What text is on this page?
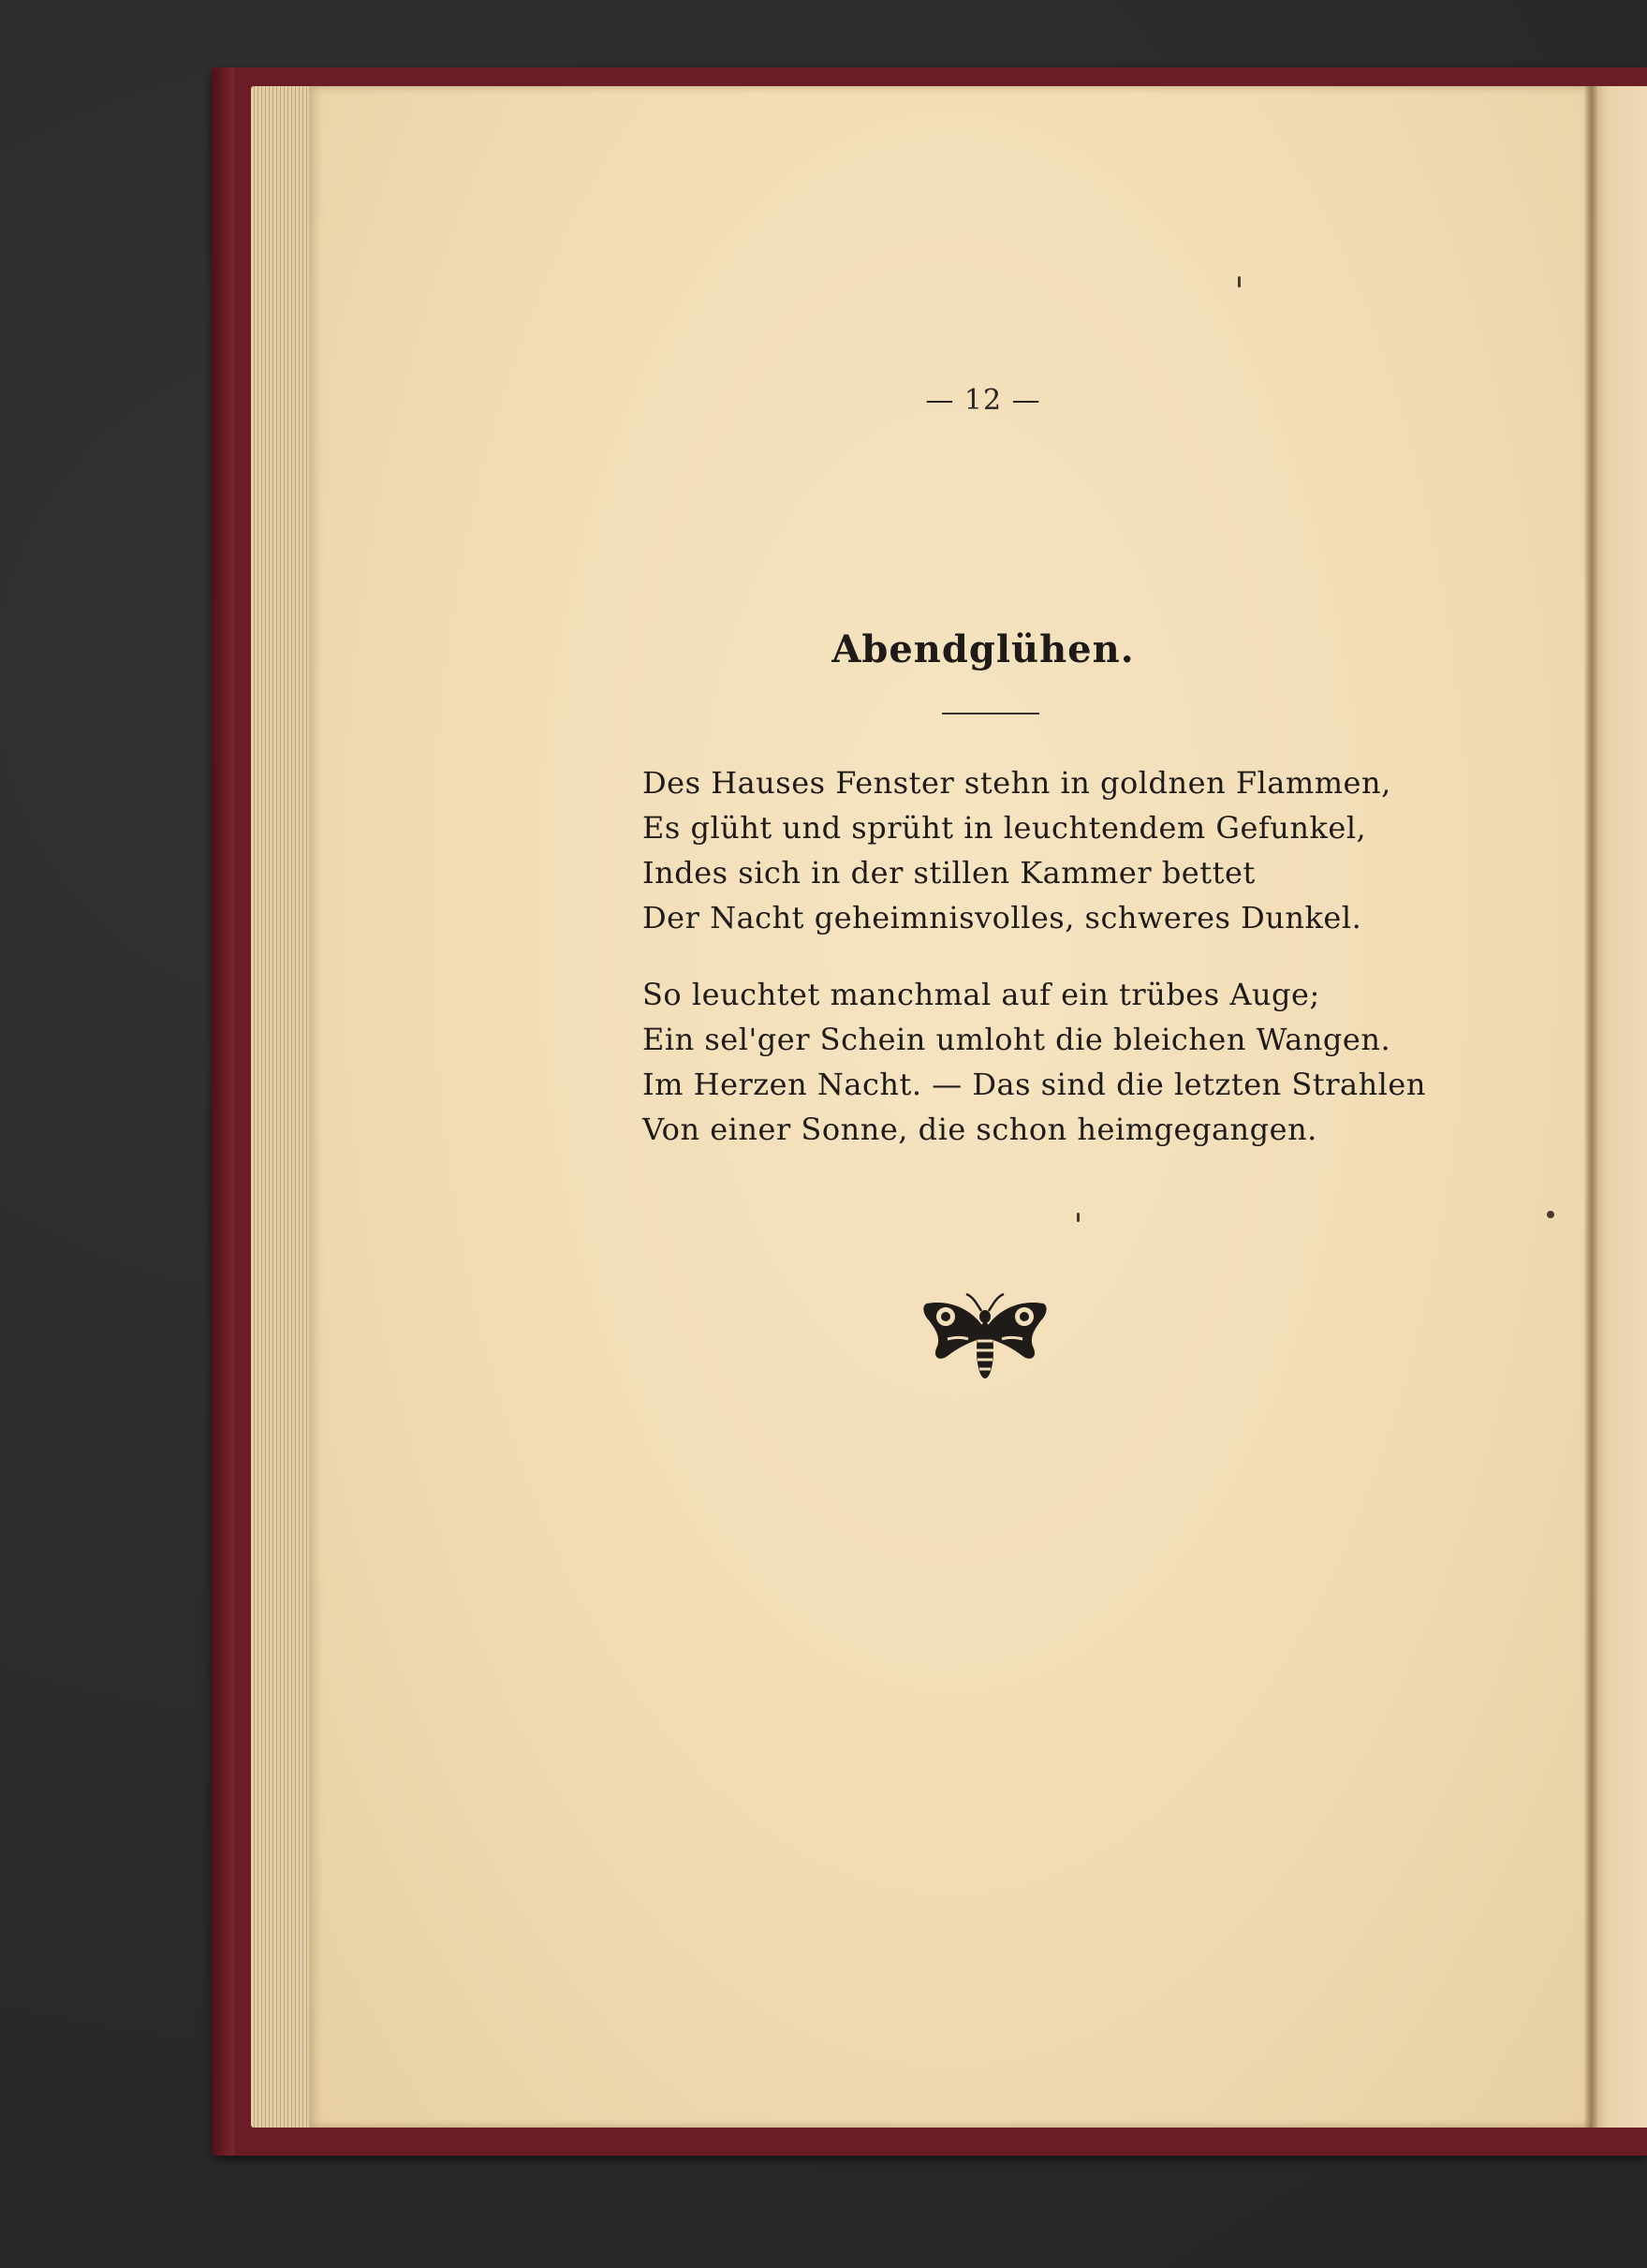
— 12 —
Abendglühen.
Des Hauses Fenster stehn in goldnen Flammen,
Es glüht und sprüht in leuchtendem Gefunkel,
Indes sich in der stillen Kammer bettet
Der Nacht geheimnisvolles, schweres Dunkel.
So leuchtet manchmal auf ein trübes Auge;
Ein sel'ger Schein umloht die bleichen Wangen.
Im Herzen Nacht. — Das sind die letzten Strahlen
Von einer Sonne, die schon heimgegangen.
